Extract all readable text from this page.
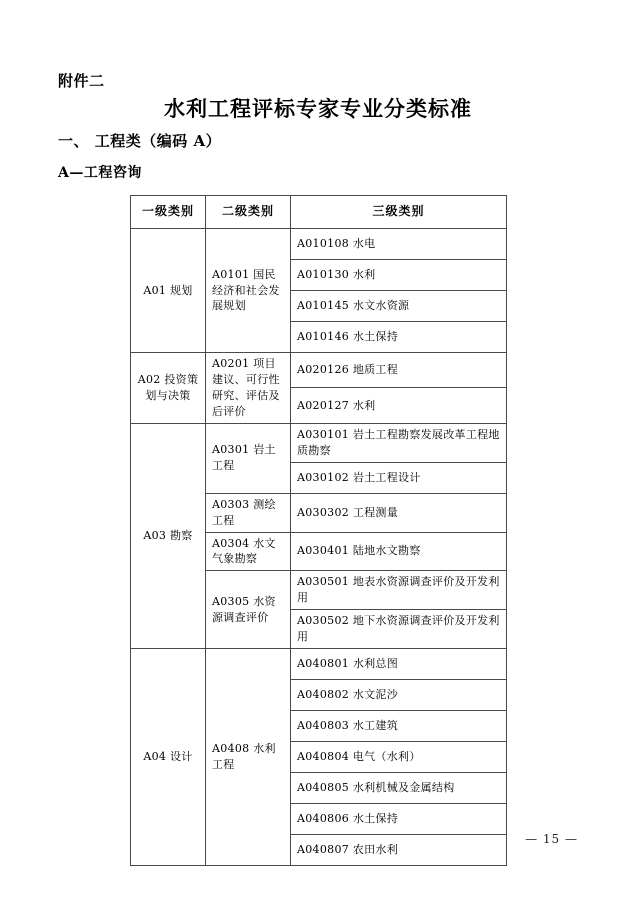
附件二
水利工程评标专家专业分类标准
一、 工程类（编码 A）
A—工程咨询
一级类别	二级类别	三级类别
A01 规划	A0101 国民经济和社会发展规划	A010108 水电
		A010130 水利
		A010145 水文水资源
		A010146 水土保持
A02 投资策划与决策	A0201 项目建议、可行性研究、评估及后评价	A020126 地质工程
		A020127 水利
A03 勘察	A0301 岩土工程	A030101 岩土工程勘察发展改革工程地质勘察
		A030102 岩土工程设计
	A0303 测绘工程	A030302 工程测量
	A0304 水文气象勘察	A030401 陆地水文勘察
	A0305 水资源调查评价	A030501 地表水资源调查评价及开发利用
		A030502 地下水资源调查评价及开发利用
A04 设计	A0408 水利工程	A040801 水利总图
		A040802 水文泥沙
		A040803 水工建筑
		A040804 电气（水利）
		A040805 水利机械及金属结构
		A040806 水土保持
		A040807 农田水利
— 15 —
